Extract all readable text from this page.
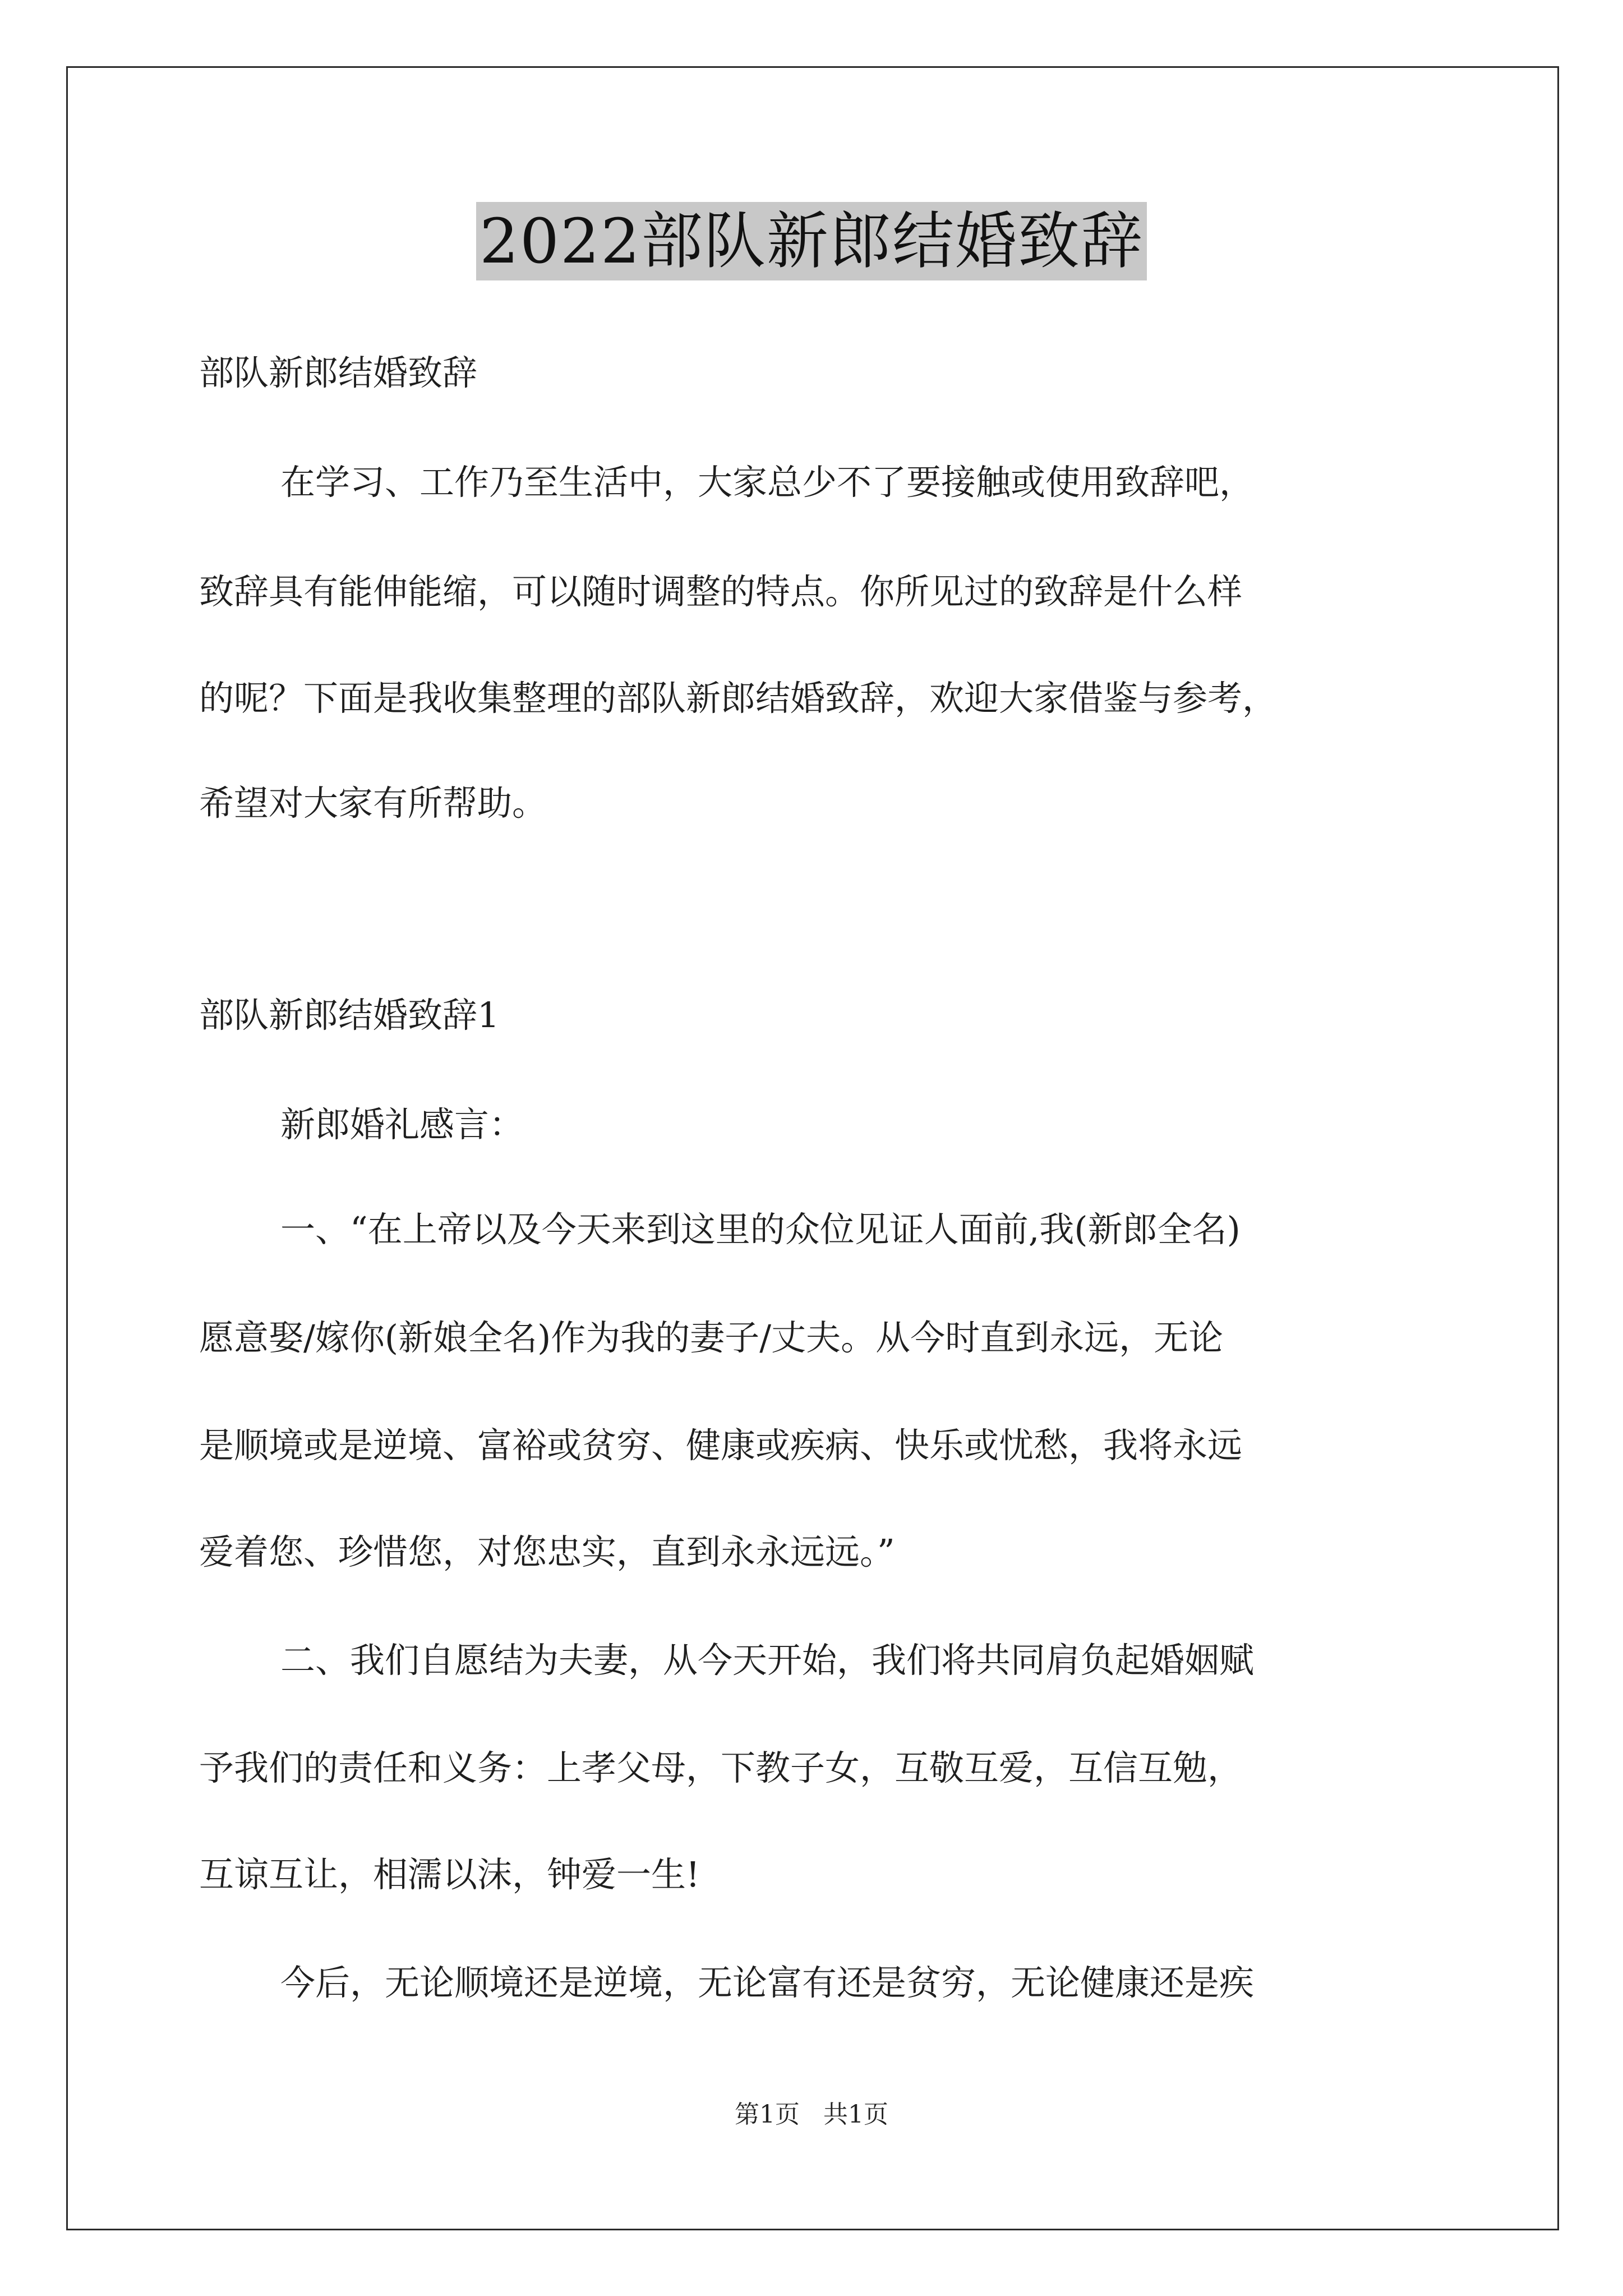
2022部队新郎结婚致辞
部队新郎结婚致辞
在学习、工作乃至生活中，大家总少不了要接触或使用致辞吧，
致辞具有能伸能缩，可以随时调整的特点。你所见过的致辞是什么样
的呢？下面是我收集整理的部队新郎结婚致辞，欢迎大家借鉴与参考，
希望对大家有所帮助。
部队新郎结婚致辞1
新郎婚礼感言：
一、“在上帝以及今天来到这里的众位见证人面前,我(新郎全名)
愿意娶/嫁你(新娘全名)作为我的妻子/丈夫。从今时直到永远，无论
是顺境或是逆境、富裕或贫穷、健康或疾病、快乐或忧愁，我将永远
爱着您、珍惜您，对您忠实，直到永永远远。”
二、我们自愿结为夫妻，从今天开始，我们将共同肩负起婚姻赋
予我们的责任和义务：上孝父母，下教子女，互敬互爱，互信互勉，
互谅互让，相濡以沫，钟爱一生!
今后，无论顺境还是逆境，无论富有还是贫穷，无论健康还是疾
第1页 共1页
